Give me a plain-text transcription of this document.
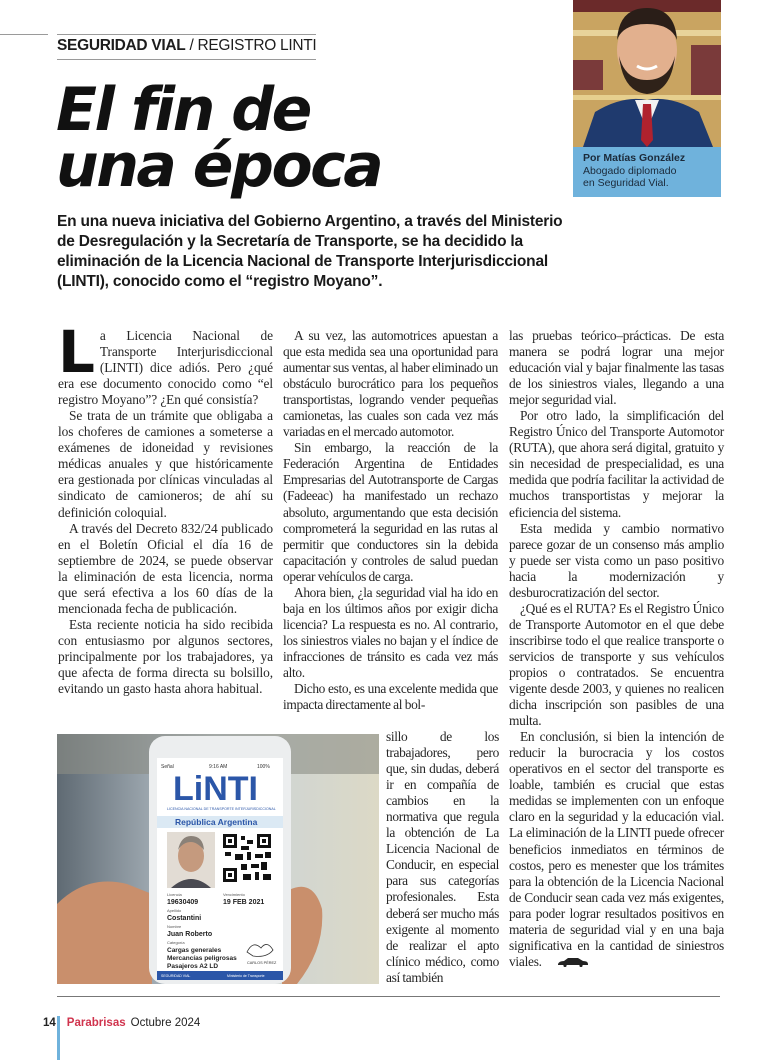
SEGURIDAD VIAL / REGISTRO LINTI
El fin de
una época	Por Matías González
Abogado diplomado
en Seguridad Vial.

En una nueva iniciativa del Gobierno Argentino, a través del Ministerio de Desregulación y la Secretaría de Transporte, se ha decidido la eliminación de la Licencia Nacional de Transporte Interjurisdiccional (LINTI), conocido como el “registro Moyano”.

La Licencia Nacional de Transporte Interjurisdiccional (LINTI) dice adiós. Pero ¿qué era ese documento conocido como “el registro Moyano”? ¿En qué consistía?

Se trata de un trámite que obligaba a los choferes de camiones a someterse a exámenes de idoneidad y revisiones médicas anuales y que históricamente era gestionada por clínicas vinculadas al sindicato de camioneros; de ahí su definición coloquial.

A través del Decreto 832/24 publicado en el Boletín Oficial el día 16 de septiembre de 2024, se puede observar la eliminación de esta licencia, norma que será efectiva a los 60 días de la mencionada fecha de publicación.

Esta reciente noticia ha sido recibida con entusiasmo por algunos sectores, principalmente por los trabajadores, ya que afecta de forma directa su bolsillo, evitando un gasto hasta ahora habitual.

A su vez, las automotrices apuestan a que esta medida sea una oportunidad para aumentar sus ventas, al haber eliminado un obstáculo burocrático para los pequeños transportistas, logrando vender pequeñas camionetas, las cuales son cada vez más variadas en el mercado automotor.

Sin embargo, la reacción de la Federación Argentina de Entidades Empresarias del Autotransporte de Cargas (Fadeeac) ha manifestado un rechazo absoluto, argumentando que esta decisión comprometerá la seguridad en las rutas al permitir que conductores sin la debida capacitación y controles de salud puedan operar vehículos de carga.

Ahora bien, ¿la seguridad vial ha ido en baja en los últimos años por exigir dicha licencia? La respuesta es no. Al contrario, los siniestros viales no bajan y el índice de infracciones de tránsito es cada vez más alto.

Dicho esto, es una excelente medida que impacta directamente al bol-

sillo de los trabajadores, pero que, sin dudas, deberá ir en compañía de cambios en la normativa que regula la obtención de La Licencia Nacional de Conducir, en especial para sus categorías profesionales. Esta deberá ser mucho más exigente al momento de realizar el apto clínico médico, como así también

las pruebas teórico–prácticas. De esta manera se podrá lograr una mejor educación vial y bajar finalmente las tasas de los siniestros viales, llegando a una mejor seguridad vial.

Por otro lado, la simplificación del Registro Único del Transporte Automotor (RUTA), que ahora será digital, gratuito y sin necesidad de prespecialidad, es una medida que podría facilitar la actividad de muchos transportistas y mejorar la eficiencia del sistema.

Esta medida y cambio normativo parece gozar de un consenso más amplio y puede ser vista como un paso positivo hacia la modernización y desburocratización del sector.

¿Qué es el RUTA? Es el Registro Único de Transporte Automotor en el que debe inscribirse todo el que realice transporte o servicios de transporte y sus vehículos propios o contratados. Se encuentra vigente desde 2003, y quienes no realicen dicha inscripción son pasibles de una multa.

En conclusión, si bien la intención de reducir la burocracia y los costos operativos en el sector del transporte es loable, también es crucial que estas medidas se implementen con un enfoque claro en la seguridad y la educación vial. La eliminación de la LINTI puede ofrecer beneficios inmediatos en términos de costos, pero es menester que los trámites para la obtención de la Licencia Nacional de Conducir sean cada vez más exigentes, para poder lograr resultados positivos en materia de seguridad vial y en una baja significativa en la cantidad de siniestros viales.

Señal	9:16 AM	100%
LiNTI
LICENCIA NACIONAL DE TRANSPORTE INTERJURISDICCIONAL
República Argentina
Licencia
19630409
Vencimiento
19 FEB 2021
Apellido
Costantini
Nombre
Juan Roberto
Categoría
Cargas generales
Mercancías peligrosas
Pasajeros A2 LD	CARLOS PÉREZ
SEGURIDAD VIAL	Ministerio de Transporte
14 Parabrisas Octubre 2024
